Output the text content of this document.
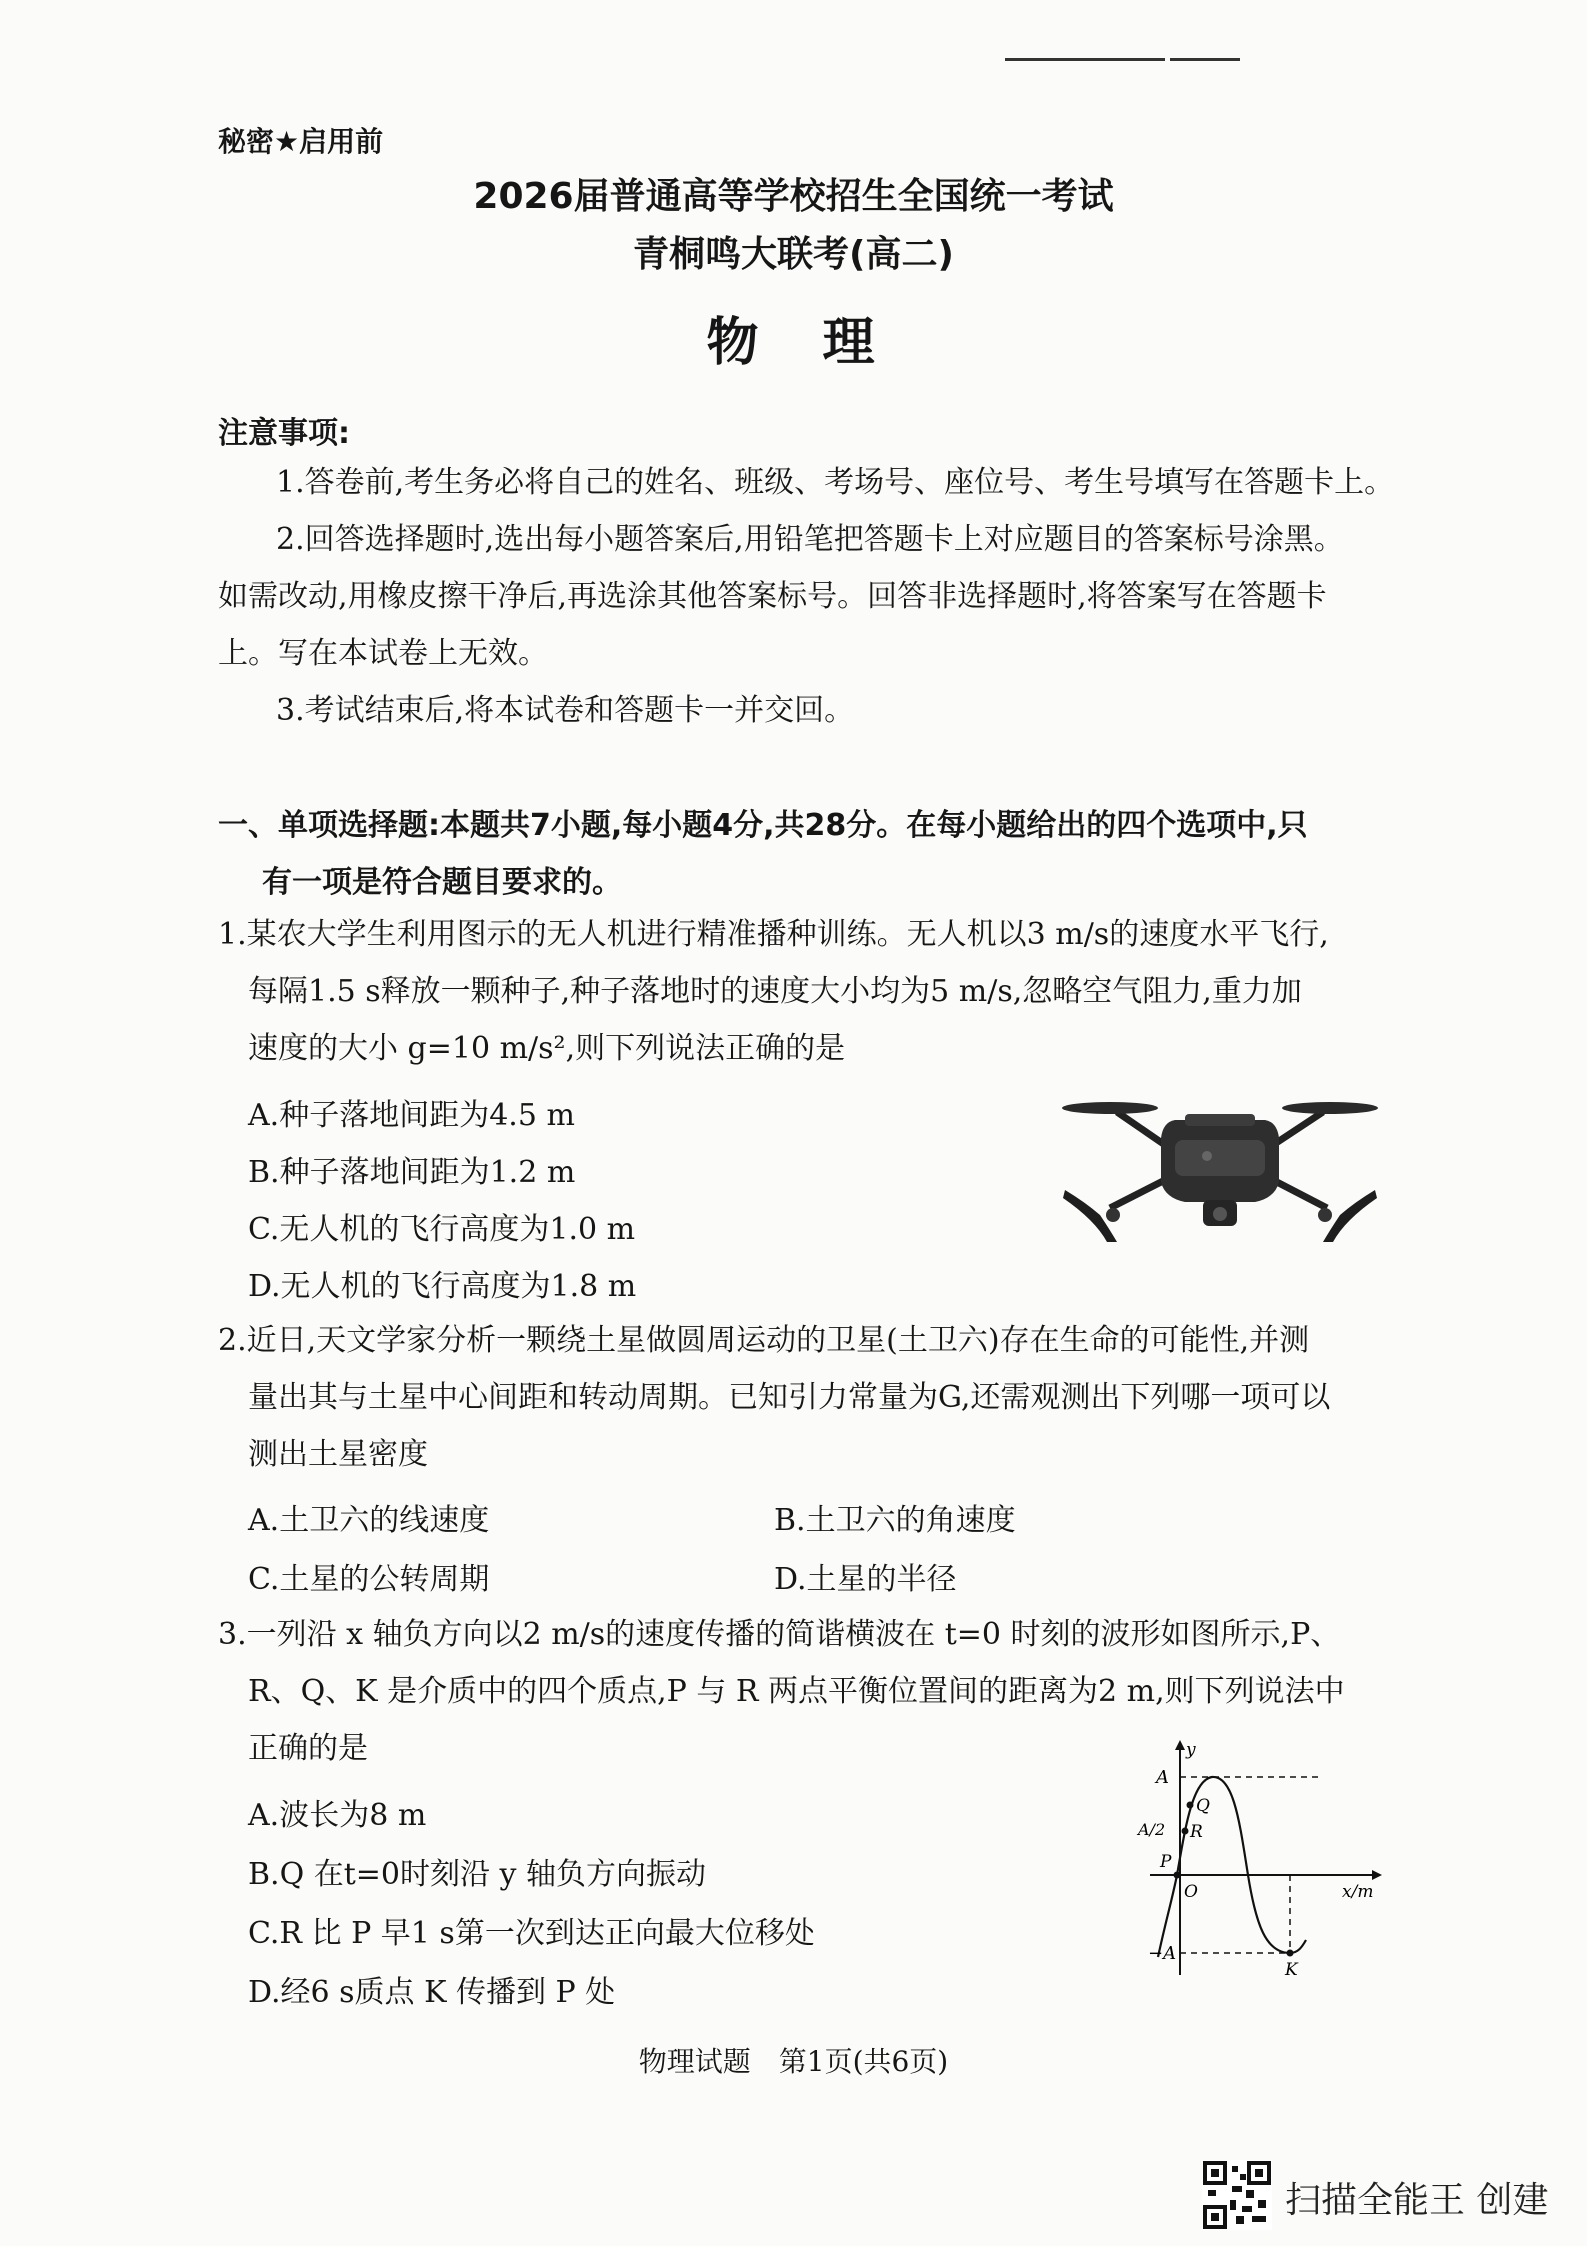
秘密★启用前
2026届普通高等学校招生全国统一考试
青桐鸣大联考(高二)
物　理
注意事项:
1.答卷前,考生务必将自己的姓名、班级、考场号、座位号、考生号填写在答题卡上。
2.回答选择题时,选出每小题答案后,用铅笔把答题卡上对应题目的答案标号涂黑。
如需改动,用橡皮擦干净后,再选涂其他答案标号。回答非选择题时,将答案写在答题卡
上。写在本试卷上无效。
3.考试结束后,将本试卷和答题卡一并交回。
一、单项选择题:本题共7小题,每小题4分,共28分。在每小题给出的四个选项中,只
有一项是符合题目要求的。
1.某农大学生利用图示的无人机进行精准播种训练。无人机以3 m/s的速度水平飞行,
每隔1.5 s释放一颗种子,种子落地时的速度大小均为5 m/s,忽略空气阻力,重力加
速度的大小 g=10 m/s²,则下列说法正确的是
A.种子落地间距为4.5 m
B.种子落地间距为1.2 m
C.无人机的飞行高度为1.0 m
D.无人机的飞行高度为1.8 m
2.近日,天文学家分析一颗绕土星做圆周运动的卫星(土卫六)存在生命的可能性,并测
量出其与土星中心间距和转动周期。已知引力常量为G,还需观测出下列哪一项可以
测出土星密度
A.土卫六的线速度	B.土卫六的角速度
C.土星的公转周期	D.土星的半径
3.一列沿 x 轴负方向以2 m/s的速度传播的简谐横波在 t=0 时刻的波形如图所示,P、
R、Q、K 是介质中的四个质点,P 与 R 两点平衡位置间的距离为2 m,则下列说法中
正确的是
A.波长为8 m
B.Q 在t=0时刻沿 y 轴负方向振动
C.R 比 P 早1 s第一次到达正向最大位移处
D.经6 s质点 K 传播到 P 处
A
A/2
−A
y
x/m
O
P
R
Q
K
物理试题　第1页(共6页)
扫描全能王 创建
